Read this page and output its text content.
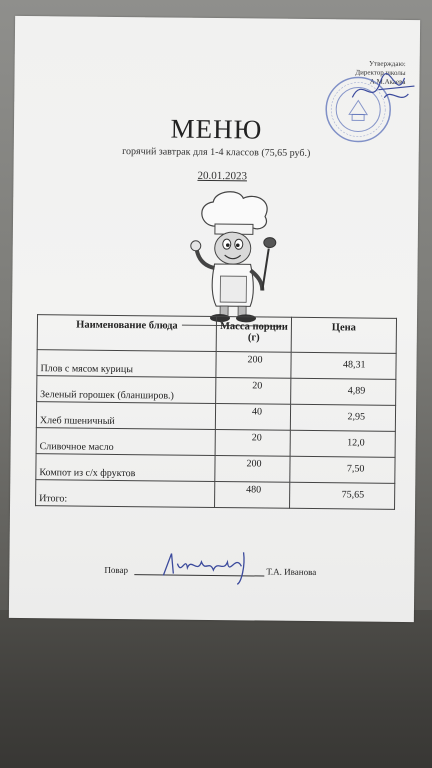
Утверждаю:
Директор школы
А.М.Акаева
МЕНЮ
горячий завтрак для 1-4 классов (75,65 руб.)
20.01.2023
Наименование блюда	Масса порции (г)	Цена

Плов с мясом курицы	200	48,31

Зеленый горошек (бланширов.)	20	4,89

Хлеб пшеничный	40	2,95

Сливочное масло	20	12,0

Компот из с/х фруктов	200	7,50

Итого:	480	75,65
Повар	Т.А. Иванова
